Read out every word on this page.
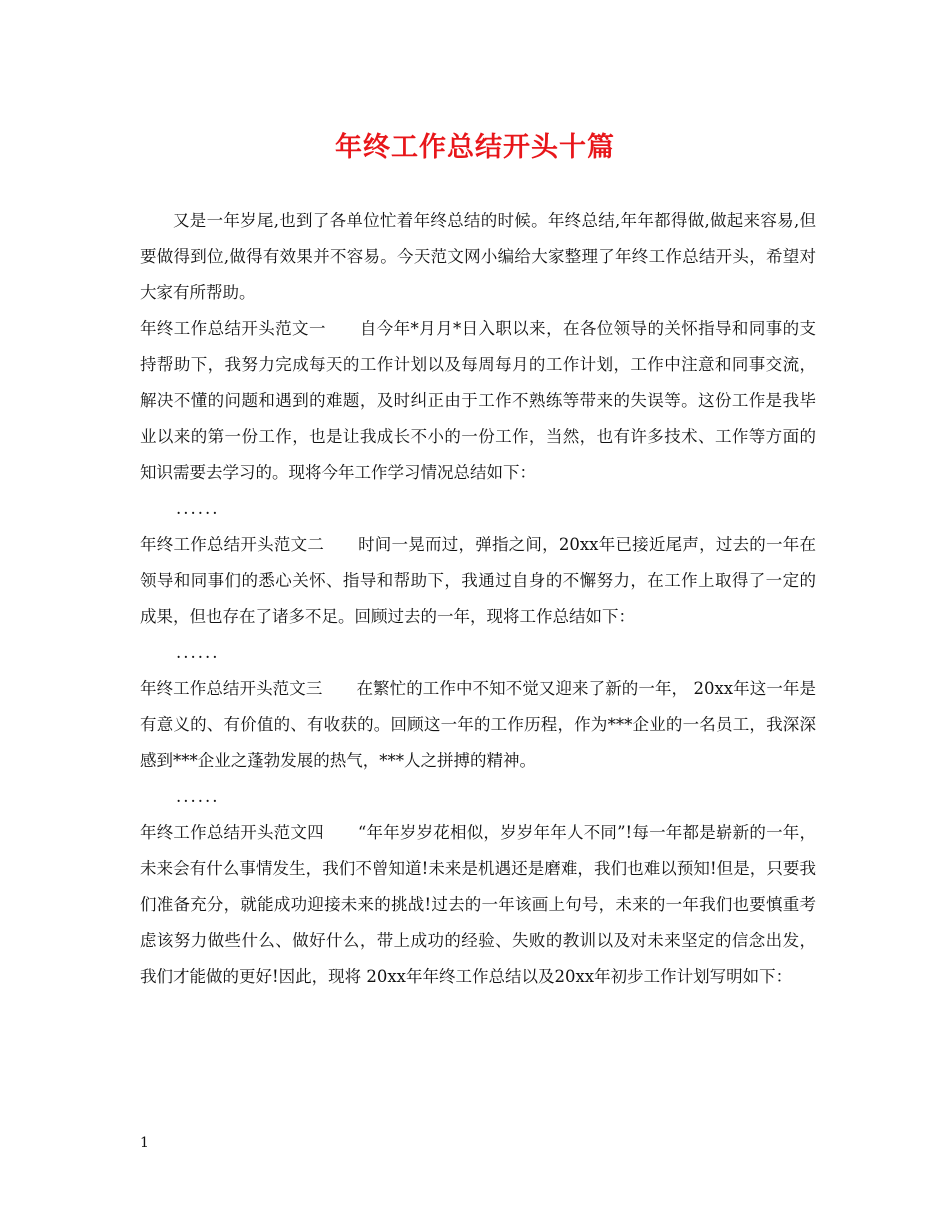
年终工作总结开头十篇

又是一年岁尾,也到了各单位忙着年终总结的时候。年终总结,年年都得做,做起来容易,但要做得到位,做得有效果并不容易。今天范文网小编给大家整理了年终工作总结开头，希望对大家有所帮助。

年终工作总结开头范文一 自今年*月月*日入职以来，在各位领导的关怀指导和同事的支持帮助下，我努力完成每天的工作计划以及每周每月的工作计划，工作中注意和同事交流，解决不懂的问题和遇到的难题，及时纠正由于工作不熟练等带来的失误等。这份工作是我毕业以来的第一份工作，也是让我成长不小的一份工作，当然，也有许多技术、工作等方面的知识需要去学习的。现将今年工作学习情况总结如下：

......

年终工作总结开头范文二 时间一晃而过，弹指之间，20xx年已接近尾声，过去的一年在领导和同事们的悉心关怀、指导和帮助下，我通过自身的不懈努力，在工作上取得了一定的成果，但也存在了诸多不足。回顾过去的一年，现将工作总结如下：

......

年终工作总结开头范文三 在繁忙的工作中不知不觉又迎来了新的一年， 20xx年这一年是有意义的、有价值的、有收获的。回顾这一年的工作历程，作为***企业的一名员工，我深深感到***企业之蓬勃发展的热气，***人之拼搏的精神。

......

年终工作总结开头范文四 “年年岁岁花相似，岁岁年年人不同”!每一年都是崭新的一年，未来会有什么事情发生，我们不曾知道!未来是机遇还是磨难，我们也难以预知!但是，只要我们准备充分，就能成功迎接未来的挑战!过去的一年该画上句号，未来的一年我们也要慎重考虑该努力做些什么、做好什么，带上成功的经验、失败的教训以及对未来坚定的信念出发，我们才能做的更好!因此，现将 20xx年年终工作总结以及20xx年初步工作计划写明如下：

1
